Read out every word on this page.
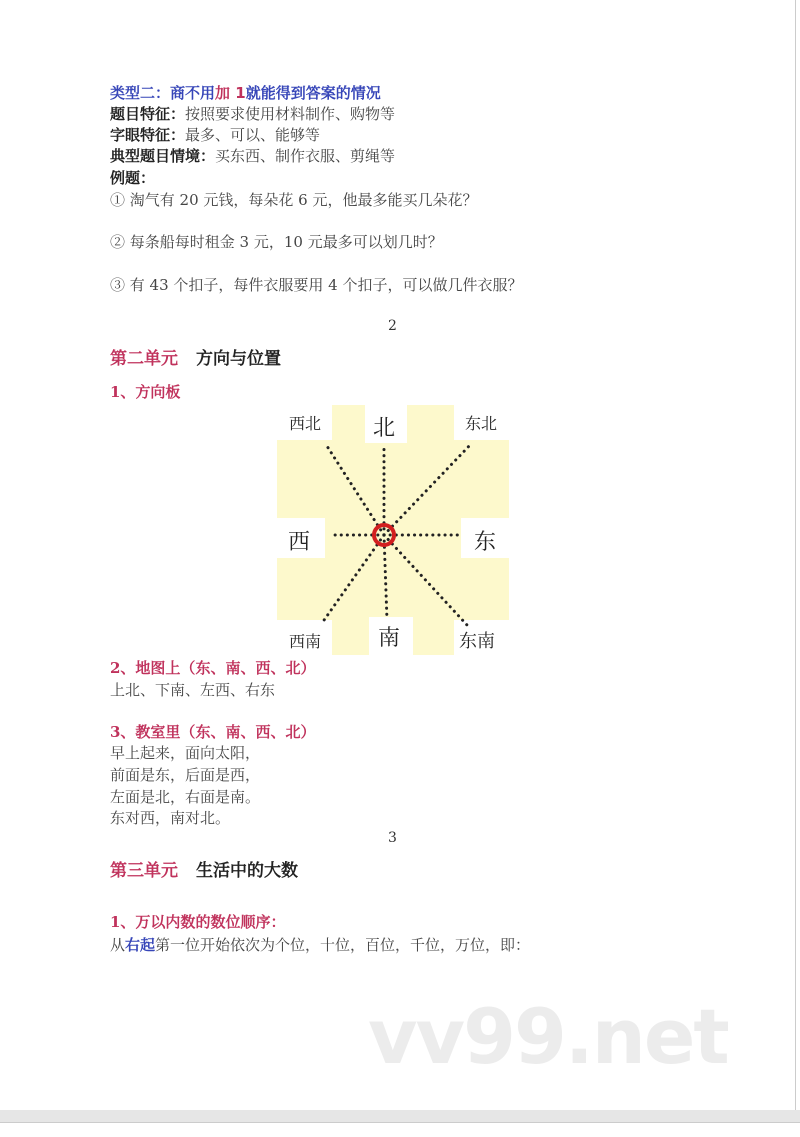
类型二：商不用加 1就能得到答案的情况
题目特征：按照要求使用材料制作、购物等
字眼特征：最多、可以、能够等
典型题目情境：买东西、制作衣服、剪绳等
例题：
① 淘气有 20 元钱，每朵花 6 元，他最多能买几朵花？
② 每条船每时租金 3 元，10 元最多可以划几时？
③ 有 43 个扣子，每件衣服要用 4 个扣子，可以做几件衣服？
2
第二单元 方向与位置
1、方向板
北
南
西	东
西北	东北
西南	东南
2、地图上（东、南、西、北）
上北、下南、左西、右东
3、教室里（东、南、西、北）
早上起来，面向太阳，
前面是东，后面是西，
左面是北，右面是南。
东对西，南对北。
3
第三单元 生活中的大数
1、万以内数的数位顺序：
从右起第一位开始依次为个位，十位，百位，千位，万位，即：
vv99.net
